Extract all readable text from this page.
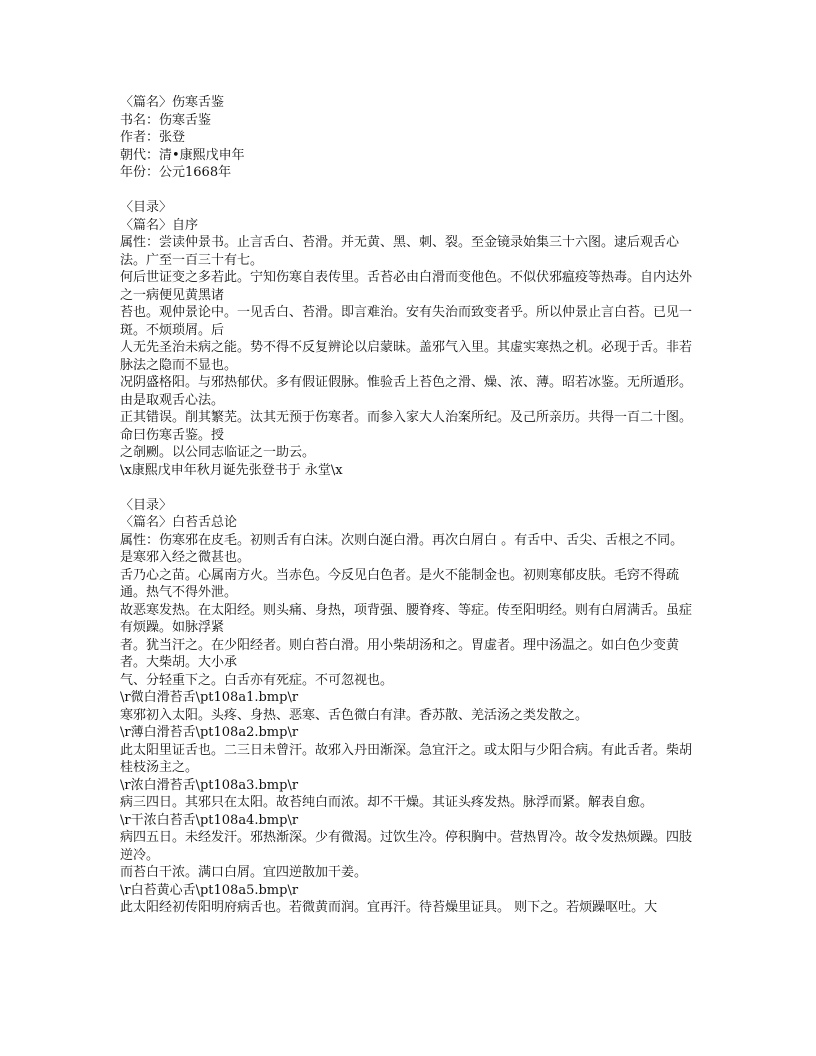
〈篇名〉伤寒舌鉴
书名：伤寒舌鉴
作者：张登
朝代：清•康熙戊申年
年份：公元1668年
〈目录〉
〈篇名〉自序
属性：尝读仲景书。止言舌白、苔滑。并无黄、黑、刺、裂。至金镜录始集三十六图。逮后观舌心法。广至一百三十有七。
何后世证变之多若此。宁知伤寒自表传里。舌苔必由白滑而变他色。不似伏邪瘟疫等热毒。自内达外之一病便见黄黑诸
苔也。观仲景论中。一见舌白、苔滑。即言难治。安有失治而致变者乎。所以仲景止言白苔。已见一斑。不烦琐屑。后
人无先圣治未病之能。势不得不反复辨论以启蒙昧。盖邪气入里。其虚实寒热之机。必现于舌。非若脉法之隐而不显也。
况阴盛格阳。与邪热郁伏。多有假证假脉。惟验舌上苔色之滑、燥、浓、薄。昭若冰鉴。无所遁形。由是取观舌心法。
正其错误。削其繁芜。汰其无预于伤寒者。而参入家大人治案所纪。及己所亲历。共得一百二十图。命曰伤寒舌鉴。授
之剞劂。以公同志临证之一助云。
\x康熙戊申年秋月诞先张登书于 永堂\x
〈目录〉
〈篇名〉白苔舌总论
属性：伤寒邪在皮毛。初则舌有白沫。次则白涎白滑。再次白屑白 。有舌中、舌尖、舌根之不同。是寒邪入经之微甚也。
舌乃心之苗。心属南方火。当赤色。今反见白色者。是火不能制金也。初则寒郁皮肤。毛窍不得疏通。热气不得外泄。
故恶寒发热。在太阳经。则头痛、身热，项背强、腰脊疼、等症。传至阳明经。则有白屑满舌。虽症有烦躁。如脉浮紧
者。犹当汗之。在少阳经者。则白苔白滑。用小柴胡汤和之。胃虚者。理中汤温之。如白色少变黄者。大柴胡。大小承
气、分轻重下之。白舌亦有死症。不可忽视也。
\r微白滑苔舌\pt108a1.bmp\r
寒邪初入太阳。头疼、身热、恶寒、舌色微白有津。香苏散、羌活汤之类发散之。
\r薄白滑苔舌\pt108a2.bmp\r
此太阳里证舌也。二三日未曾汗。故邪入丹田渐深。急宜汗之。或太阳与少阳合病。有此舌者。柴胡桂枝汤主之。
\r浓白滑苔舌\pt108a3.bmp\r
病三四日。其邪只在太阳。故苔纯白而浓。却不干燥。其证头疼发热。脉浮而紧。解表自愈。
\r干浓白苔舌\pt108a4.bmp\r
病四五日。未经发汗。邪热渐深。少有微渴。过饮生冷。停积胸中。营热胃冷。故令发热烦躁。四肢逆冷。
而苔白干浓。满口白屑。宜四逆散加干姜。
\r白苔黄心舌\pt108a5.bmp\r
此太阳经初传阳明府病舌也。若微黄而润。宜再汗。待苔燥里证具。 则下之。若烦躁呕吐。大
